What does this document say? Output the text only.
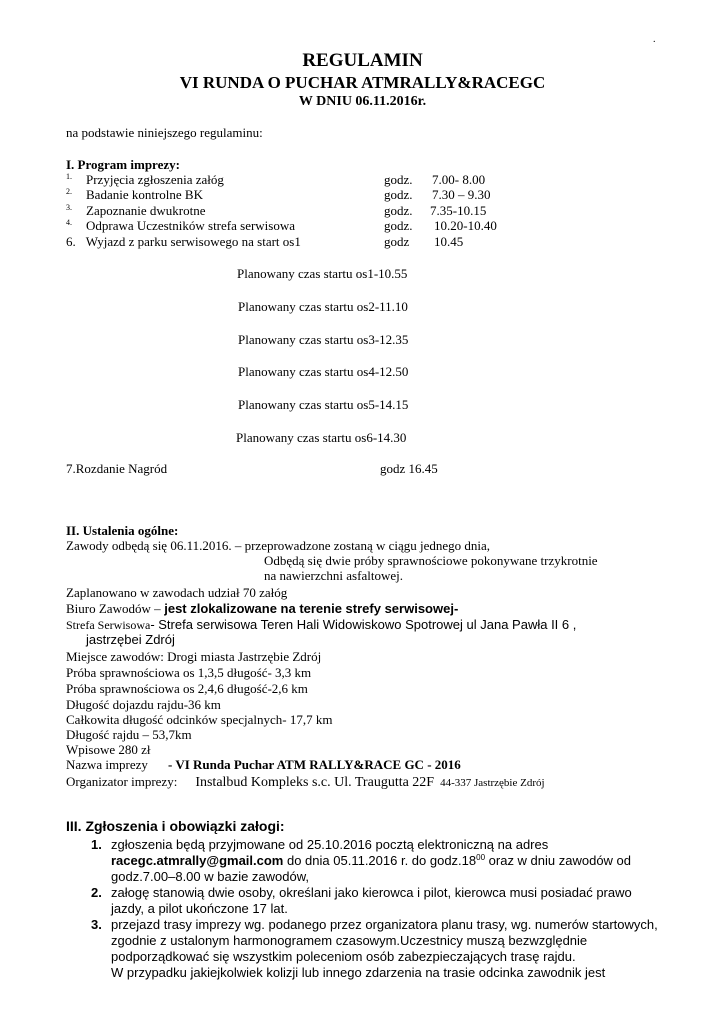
.
REGULAMIN
VI RUNDA O PUCHAR ATMRALLY&RACEGC
W DNIU 06.11.2016r.
na podstawie niniejszego regulaminu:
I. Program imprezy:
1. Przyjęcia zgłoszenia załóg	godz. 7.00- 8.00
2. Badanie kontrolne BK	godz. 7.30 – 9.30
3. Zapoznanie dwukrotne	godz. 7.35-10.15
4. Odprawa Uczestników strefa serwisowa	godz. 10.20-10.40
6. Wyjazd z parku serwisowego na start os1	godz 10.45
Planowany czas startu os1-10.55
Planowany czas startu os2-11.10
Planowany czas startu os3-12.35
Planowany czas startu os4-12.50
Planowany czas startu os5-14.15
Planowany czas startu os6-14.30
7.Rozdanie Nagród	godz 16.45
II. Ustalenia ogólne:
Zawody odbędą się 06.11.2016. – przeprowadzone zostaną w ciągu jednego dnia,
Odbędą się dwie próby sprawnościowe pokonywane trzykrotnie
na nawierzchni asfaltowej.
Zaplanowano w zawodach udział 70 załóg
Biuro Zawodów – jest zlokalizowane na terenie strefy serwisowej-
Strefa Serwisowa- Strefa serwisowa Teren Hali Widowiskowo Spotrowej ul Jana Pawła II 6 ,
jastrzębei Zdrój
Miejsce zawodów: Drogi miasta Jastrzębie Zdrój
Próba sprawnościowa os 1,3,5 długość- 3,3 km
Próba sprawnościowa os 2,4,6 długość-2,6 km
Długość dojazdu rajdu-36 km
Całkowita długość odcinków specjalnych- 17,7 km
Długość rajdu – 53,7km
Wpisowe 280 zł
Nazwa imprezy - VI Runda Puchar ATM RALLY&RACE GC - 2016
Organizator imprezy: Instalbud Kompleks s.c. Ul. Traugutta 22F 44-337 Jastrzębie Zdrój
III. Zgłoszenia i obowiązki załogi:
1. zgłoszenia będą przyjmowane od 25.10.2016 pocztą elektroniczną na adres
racegc.atmrally@gmail.com do dnia 05.11.2016 r. do $godz.18^{00}$ oraz w dniu zawodów od
godz.7.00–8.00 w bazie zawodów,
2. załogę stanowią dwie osoby, określani jako kierowca i pilot, kierowca musi posiadać prawo
jazdy, a pilot ukończone 17 lat.
3. przejazd trasy imprezy wg. podanego przez organizatora planu trasy, wg. numerów startowych,
zgodnie z ustalonym harmonogramem czasowym.Uczestnicy muszą bezwzględnie
podporządkować się wszystkim poleceniom osób zabezpieczających trasę rajdu.
W przypadku jakiejkolwiek kolizji lub innego zdarzenia na trasie odcinka zawodnik jest
